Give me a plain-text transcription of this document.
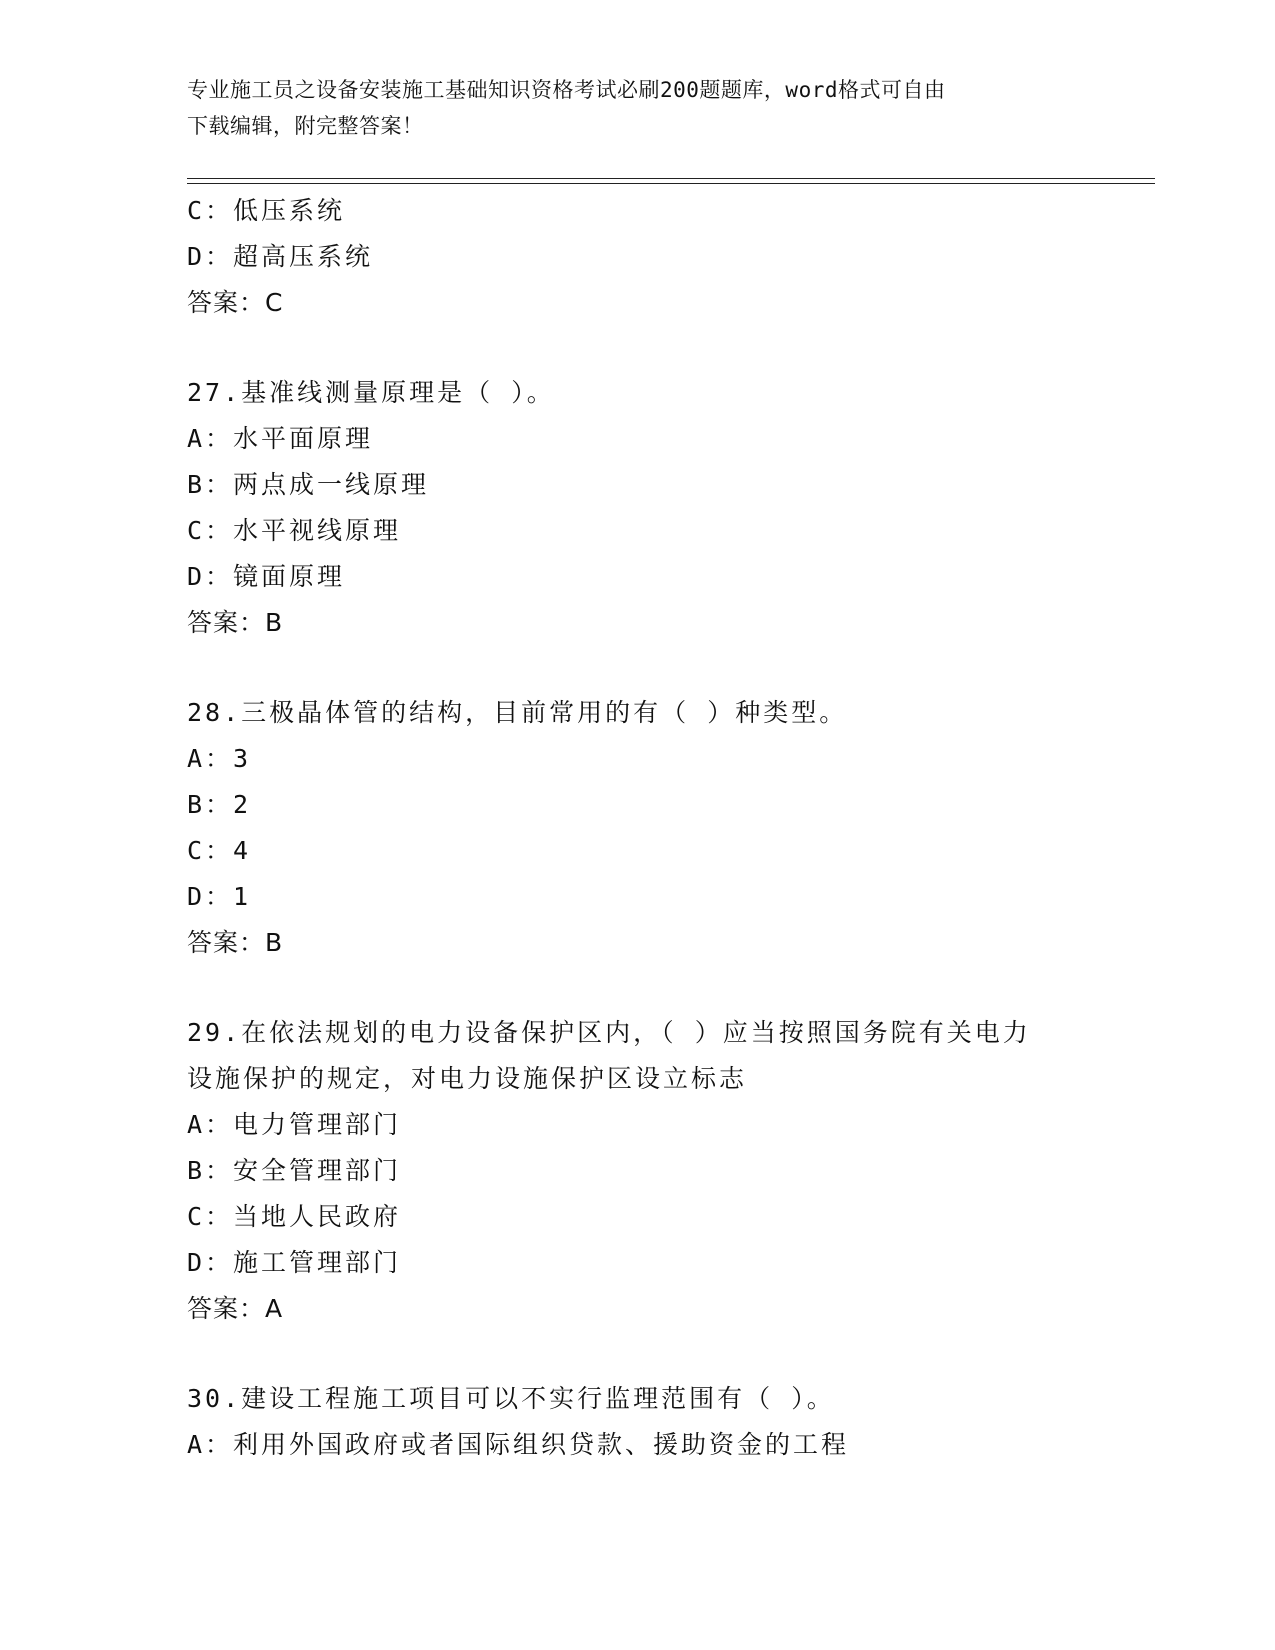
专业施工员之设备安装施工基础知识资格考试必刷200题题库，word格式可自由
下载编辑，附完整答案！
C：低压系统
D：超高压系统
答案：C
27.基准线测量原理是（ ）。
A：水平面原理
B：两点成一线原理
C：水平视线原理
D：镜面原理
答案：B
28.三极晶体管的结构，目前常用的有（ ）种类型。
A：3
B：2
C：4
D：1
答案：B
29.在依法规划的电力设备保护区内，（ ）应当按照国务院有关电力
设施保护的规定，对电力设施保护区设立标志
A：电力管理部门
B：安全管理部门
C：当地人民政府
D：施工管理部门
答案：A
30.建设工程施工项目可以不实行监理范围有（ ）。
A：利用外国政府或者国际组织贷款、援助资金的工程
